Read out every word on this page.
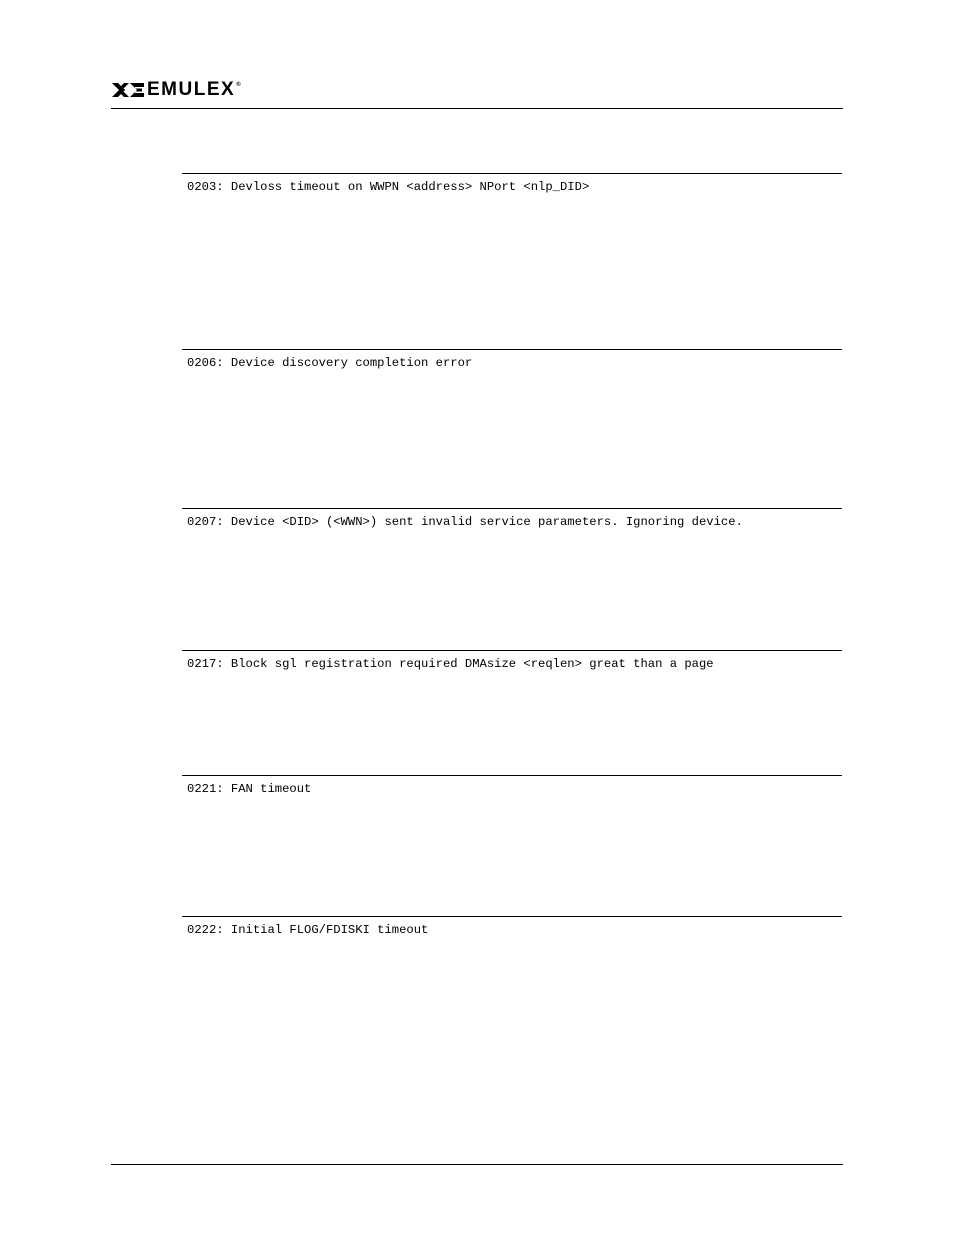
EMULEX ®

0203: Devloss timeout on WWPN <address> NPort <nlp_DID>

0206: Device discovery completion error

0207: Device <DID> (<WWN>) sent invalid service parameters. Ignoring device.

0217: Block sgl registration required DMAsize <reqlen> great than a page

0221: FAN timeout

0222: Initial FLOG/FDISKI timeout
